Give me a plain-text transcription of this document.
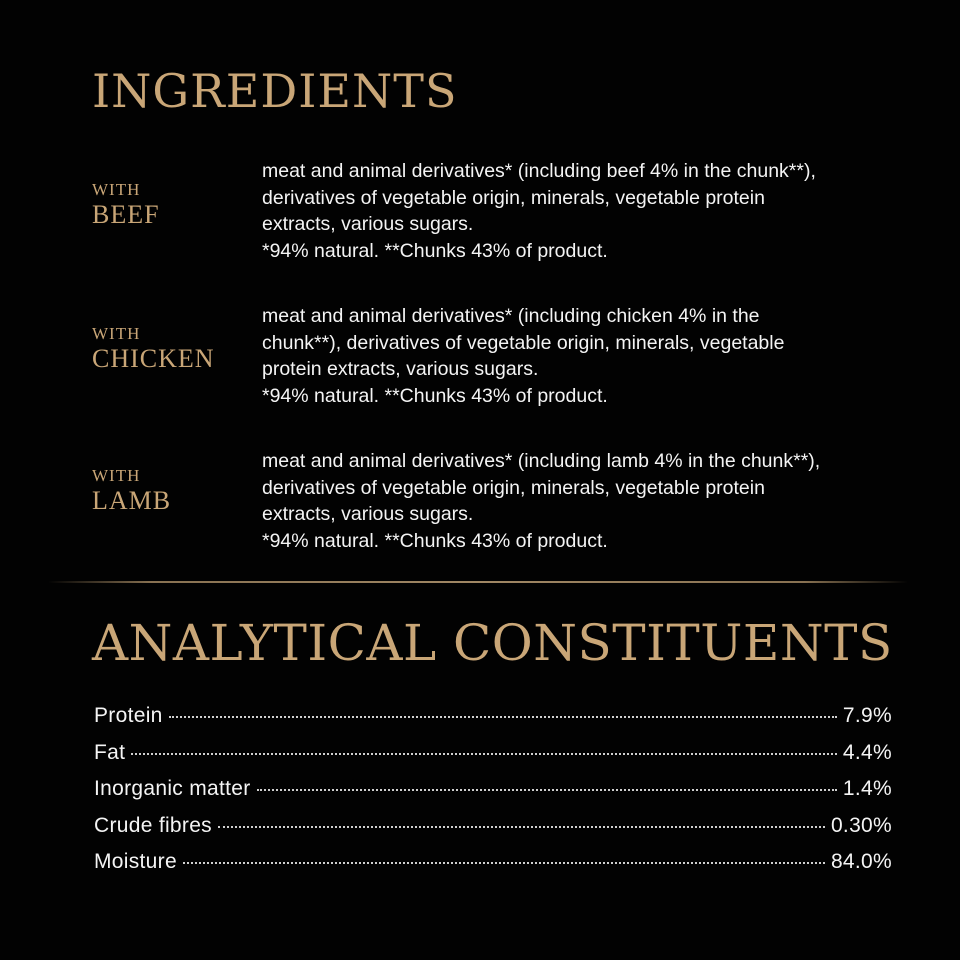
INGREDIENTS
WITH
BEEF
meat and animal derivatives* (including beef 4% in the chunk**),
derivatives of vegetable origin, minerals, vegetable protein
extracts, various sugars.
*94% natural. **Chunks 43% of product.
WITH
CHICKEN
meat and animal derivatives* (including chicken 4% in the
chunk**), derivatives of vegetable origin, minerals, vegetable
protein extracts, various sugars.
*94% natural. **Chunks 43% of product.
WITH
LAMB
meat and animal derivatives* (including lamb 4% in the chunk**),
derivatives of vegetable origin, minerals, vegetable protein
extracts, various sugars.
*94% natural. **Chunks 43% of product.
ANALYTICAL CONSTITUENTS
Protein	7.9%
Fat	4.4%
Inorganic matter	1.4%
Crude fibres	0.30%
Moisture	84.0%
